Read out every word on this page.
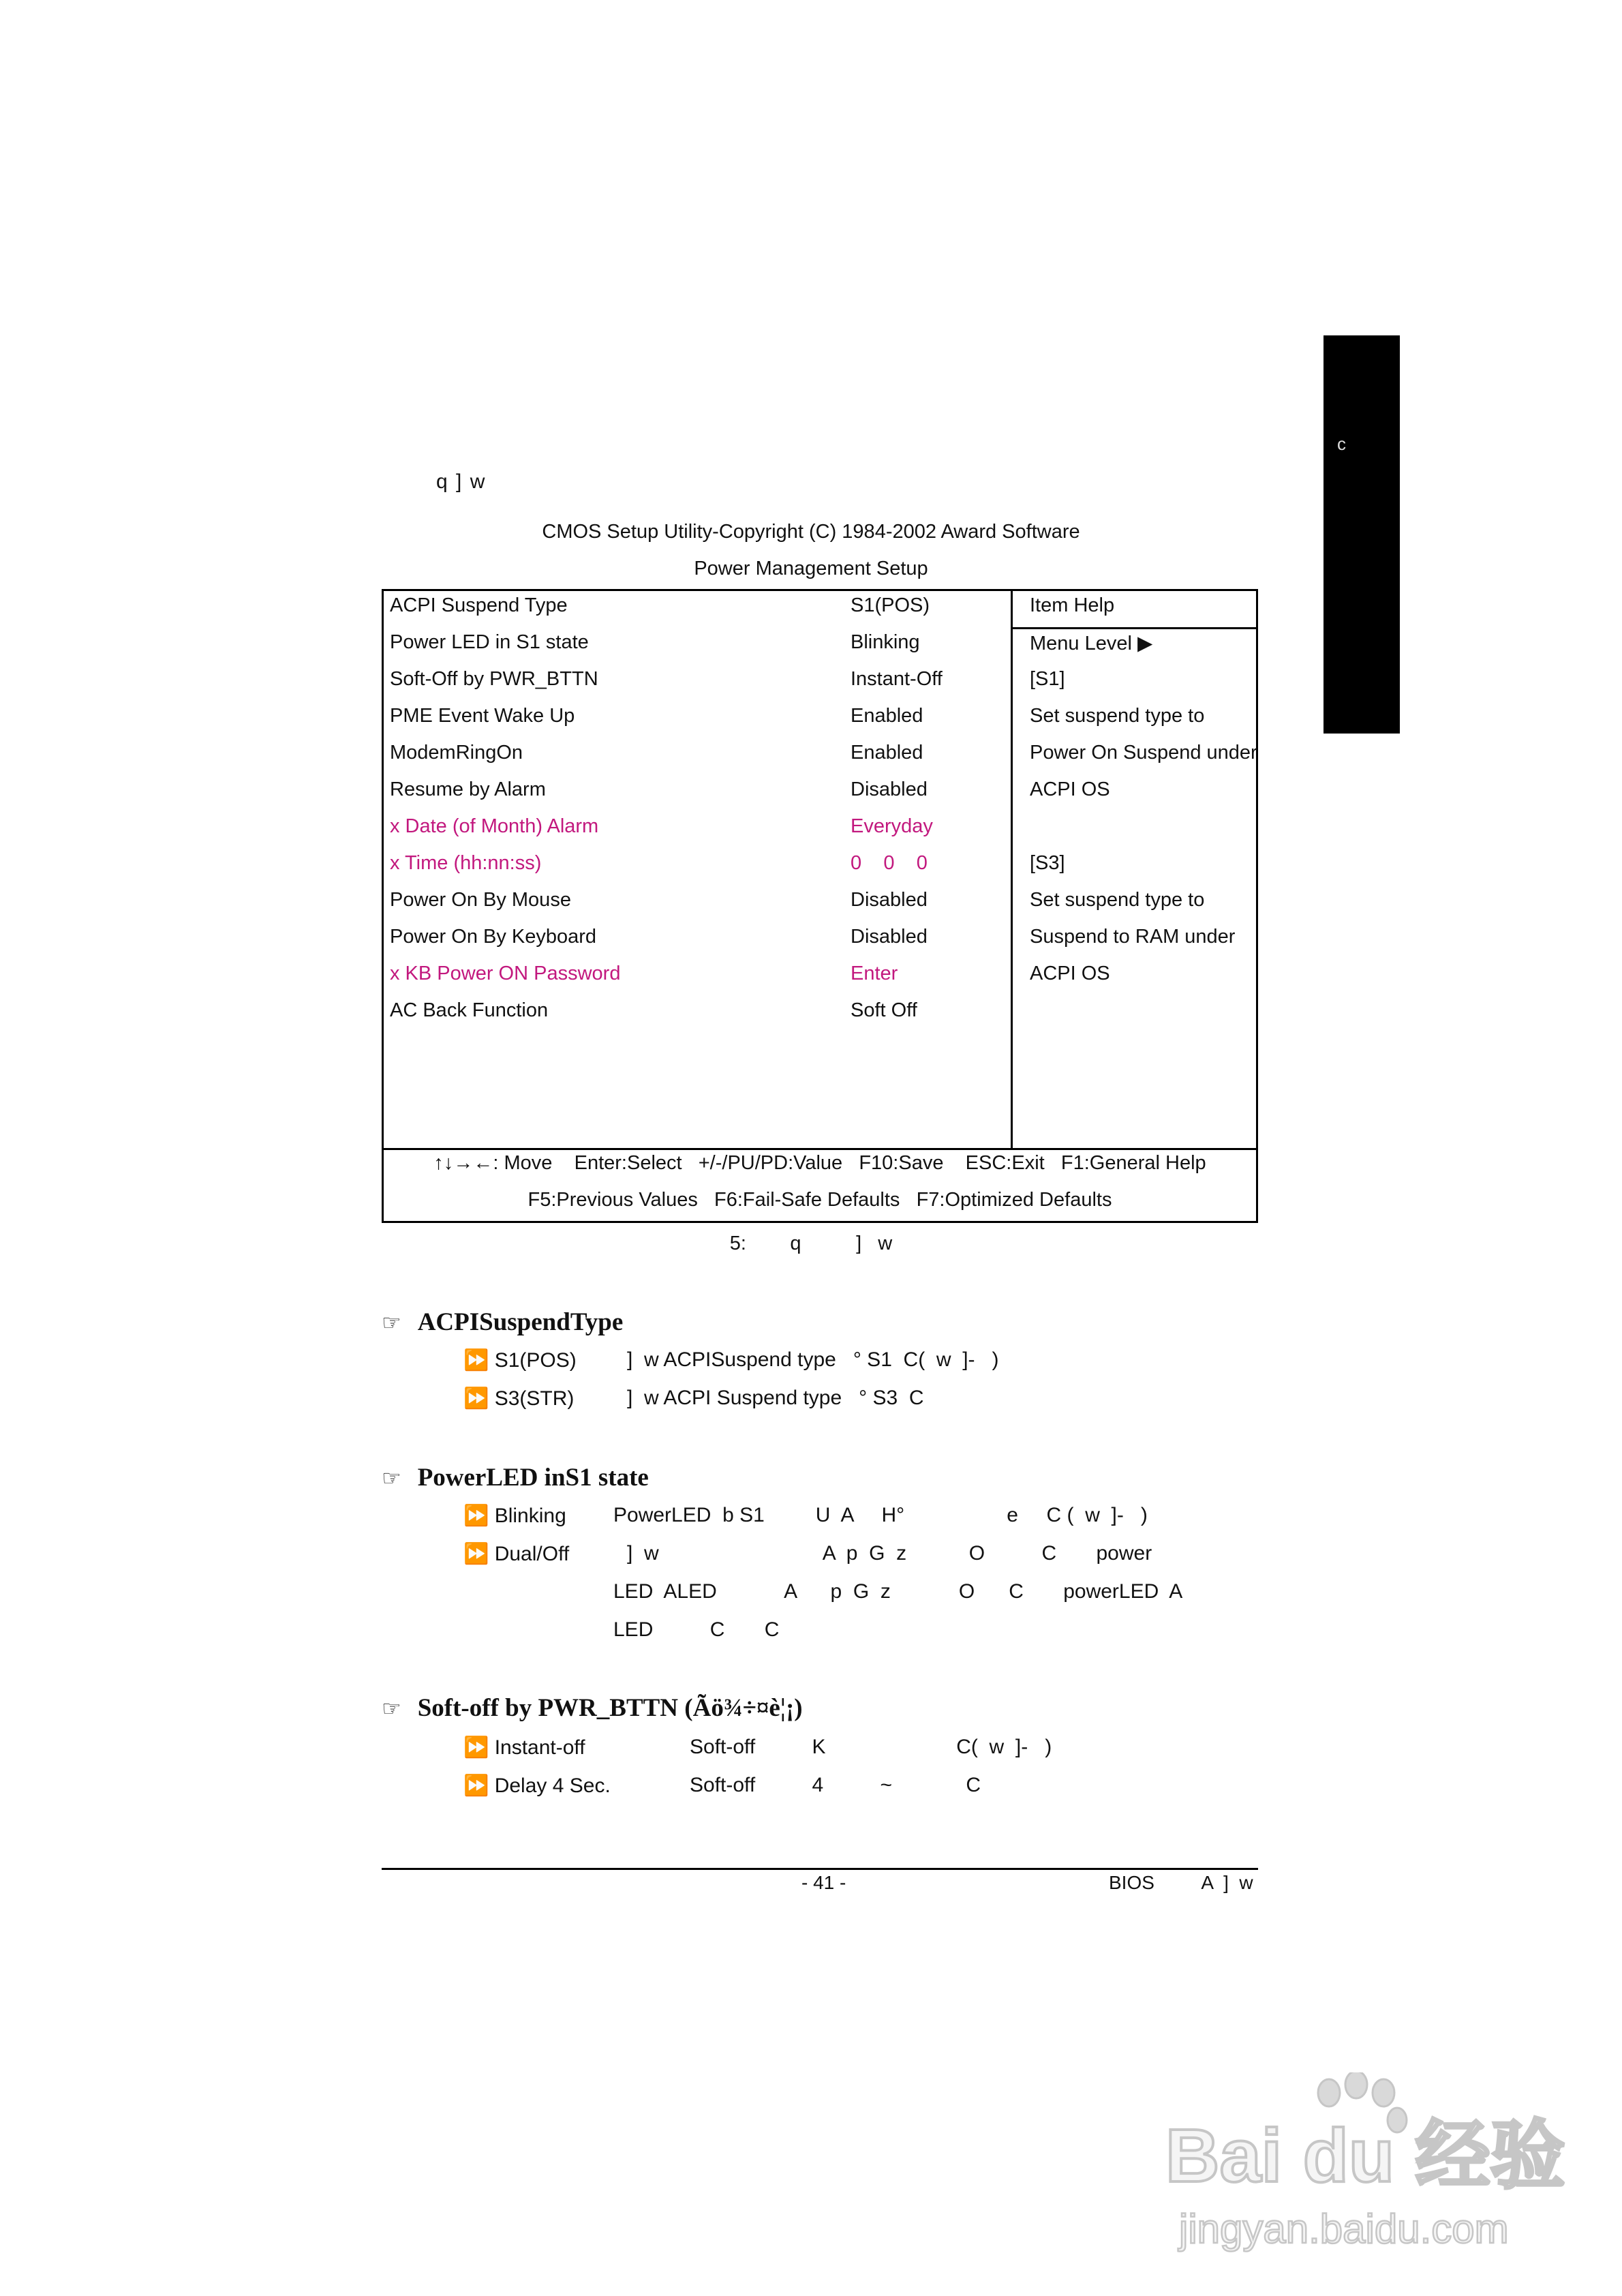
c
q ] w
CMOS Setup Utility-Copyright (C) 1984-2002 Award Software
Power Management Setup
ACPI Suspend Type	S1(POS)
Power LED in S1 state	Blinking
Soft-Off by PWR_BTTN	Instant-Off
PME Event Wake Up	Enabled
ModemRingOn	Enabled
Resume by Alarm	Disabled
x Date (of Month) Alarm	Everyday
x Time (hh:nn:ss)	0    0    0
Power On By Mouse	Disabled
Power On By Keyboard	Disabled
x KB Power ON Password	Enter
AC Back Function	Soft Off
Item Help
Menu Level ▶
[S1]
Set suspend type to
Power On Suspend under
ACPI OS
[S3]
Set suspend type to
Suspend to RAM under
ACPI OS
↑↓→←: Move    Enter:Select   +/-/PU/PD:Value   F10:Save    ESC:Exit   F1:General Help
F5:Previous Values   F6:Fail-Safe Defaults   F7:Optimized Defaults
5:        q          ]   w
☞ ACPISuspendType
⏩ S1(POS) ]  w ACPISuspend type   ° S1  C(  w  ]-   )
⏩ S3(STR)	]  w ACPI Suspend type   ° S3  C
☞ PowerLED inS1 state
⏩ Blinking PowerLED  b S1         U  A     H°                  e     C (  w  ]-   )
⏩ Dual/Off	]  w                             A  p  G  z           O          C       power
LED  ALED            A      p  G  z            O      C       powerLED  A
LED          C       C
☞ Soft-off by PWR_BTTN (Ãö¾÷¤è¦¡)
⏩ Instant-off	Soft-off          K                       C(  w  ]-   )
⏩ Delay 4 Sec.	Soft-off          4          ~             C
- 41 -	BIOS         A  ]  w
Bai du 经验
jingyan.baidu.com
